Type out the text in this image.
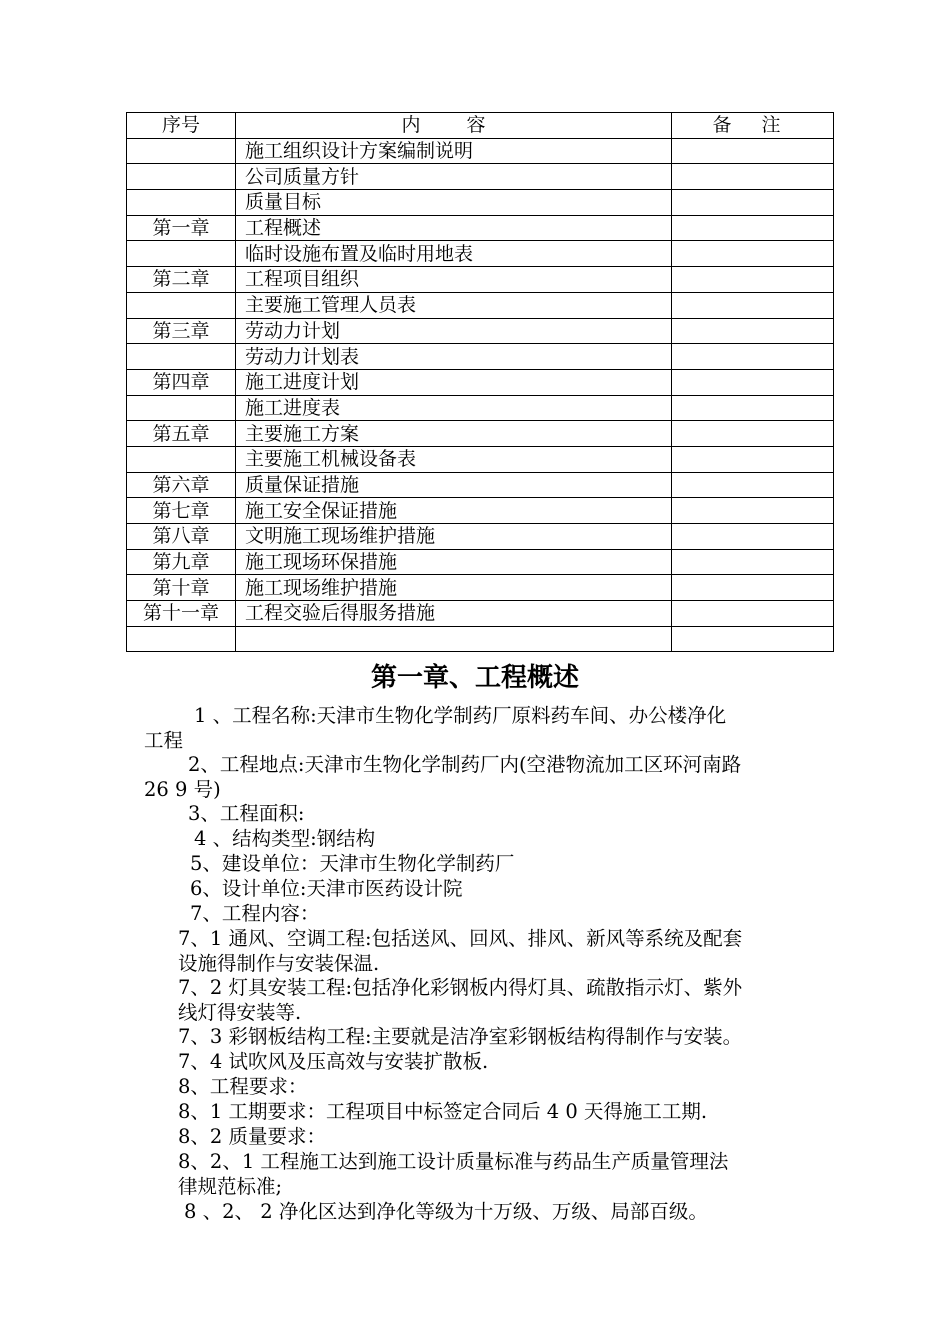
序号	内 容	备 注
	施工组织设计方案编制说明	
	公司质量方针	
	质量目标	
第一章	工程概述	
	临时设施布置及临时用地表	
第二章	工程项目组织	
	主要施工管理人员表	
第三章	劳动力计划	
	劳动力计划表	
第四章	施工进度计划	
	施工进度表	
第五章	主要施工方案	
	主要施工机械设备表	
第六章	质量保证措施	
第七章	施工安全保证措施	
第八章	文明施工现场维护措施	
第九章	施工现场环保措施	
第十章	施工现场维护措施	
第十一章	工程交验后得服务措施	

第一章、工程概述
1 、工程名称:天津市生物化学制药厂原料药车间、办公楼净化
工程
2、工程地点:天津市生物化学制药厂内(空港物流加工区环河南路
26 9 号)
3、工程面积:
4 、结构类型:钢结构
5、建设单位：天津市生物化学制药厂
6、设计单位:天津市医药设计院
7、工程内容：
7、1 通风、空调工程:包括送风、回风、排风、新风等系统及配套
设施得制作与安装保温.
7、2 灯具安装工程:包括净化彩钢板内得灯具、疏散指示灯、紫外
线灯得安装等.
7、3 彩钢板结构工程:主要就是洁净室彩钢板结构得制作与安装。
7、4 试吹风及压高效与安装扩散板.
8、工程要求：
8、1 工期要求：工程项目中标签定合同后 4 0 天得施工工期.
8、2 质量要求：
8、2、1 工程施工达到施工设计质量标准与药品生产质量管理法
律规范标准;
8 、2、 2 净化区达到净化等级为十万级、万级、局部百级。
